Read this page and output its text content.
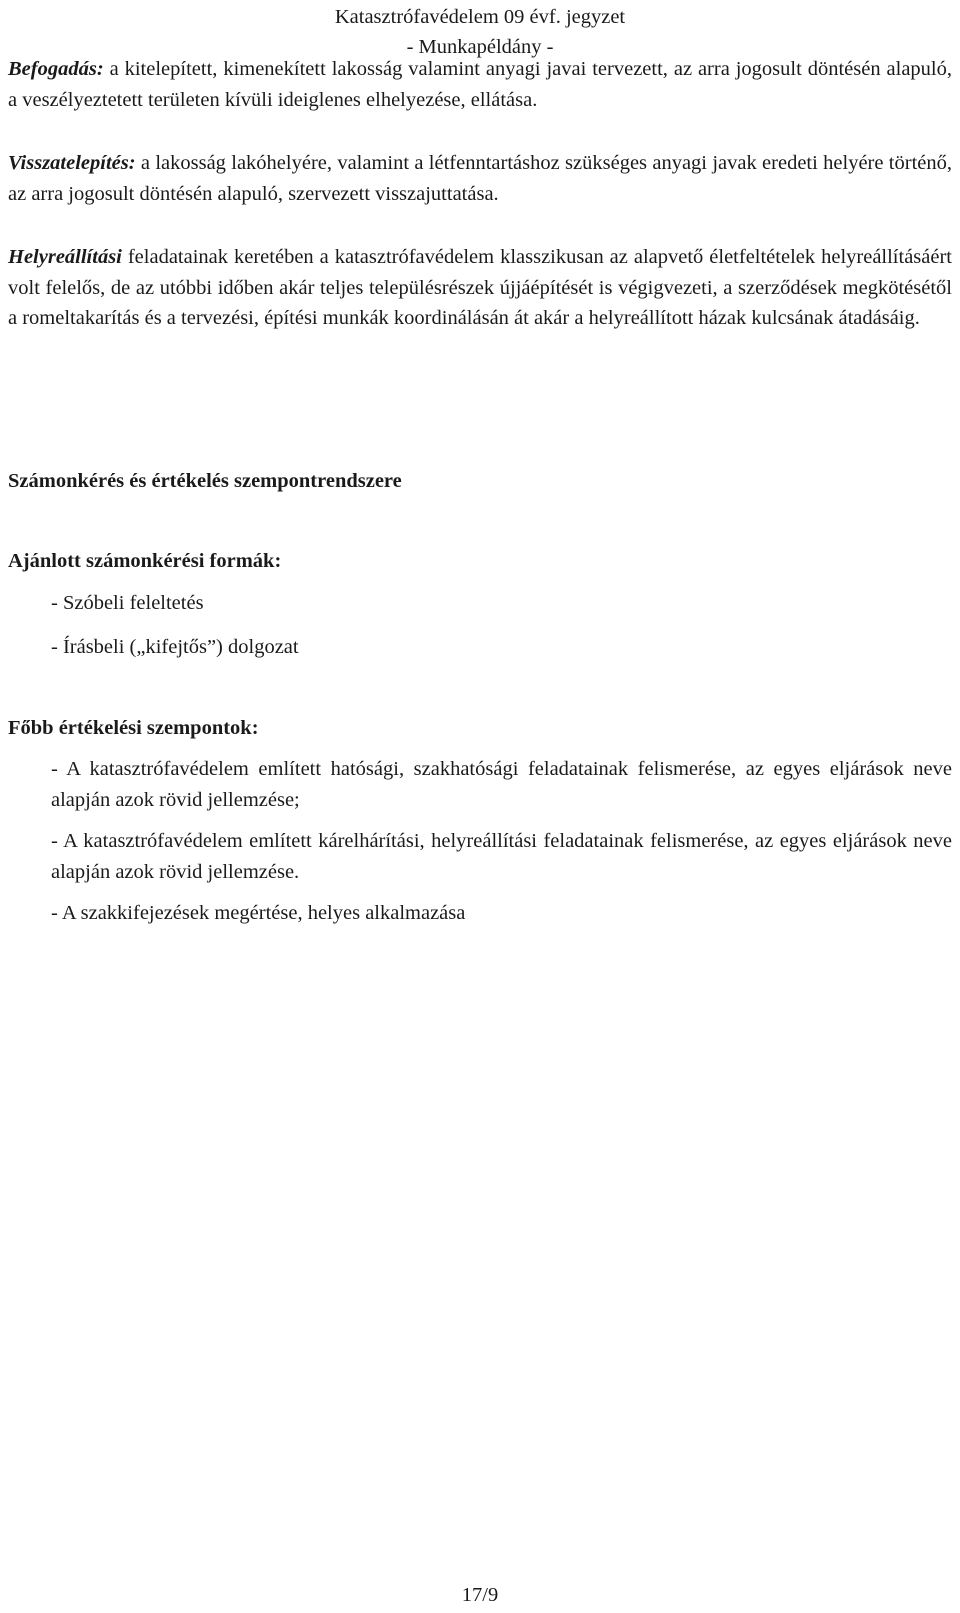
Katasztrófavédelem 09 évf. jegyzet
- Munkapéldány -

Befogadás: a kitelepített, kimenekített lakosság valamint anyagi javai tervezett, az arra jogosult döntésén alapuló, a veszélyeztetett területen kívüli ideiglenes elhelyezése, ellátása.

Visszatelepítés: a lakosság lakóhelyére, valamint a létfenntartáshoz szükséges anyagi javak eredeti helyére történő, az arra jogosult döntésén alapuló, szervezett visszajuttatása.

Helyreállítási feladatainak keretében a katasztrófavédelem klasszikusan az alapvető életfeltételek helyreállításáért volt felelős, de az utóbbi időben akár teljes településrészek újjáépítését is végigvezeti, a szerződések megkötésétől a romeltakarítás és a tervezési, építési munkák koordinálásán át akár a helyreállított házak kulcsának átadásáig.

Számonkérés és értékelés szempontrendszere
Ajánlott számonkérési formák:
- Szóbeli feleltetés
- Írásbeli („kifejtős”) dolgozat
Főbb értékelési szempontok:
- A katasztrófavédelem említett hatósági, szakhatósági feladatainak felismerése, az egyes eljárások neve alapján azok rövid jellemzése;
- A katasztrófavédelem említett kárelhárítási, helyreállítási feladatainak felismerése, az egyes eljárások neve alapján azok rövid jellemzése.
- A szakkifejezések megértése, helyes alkalmazása
17/9
